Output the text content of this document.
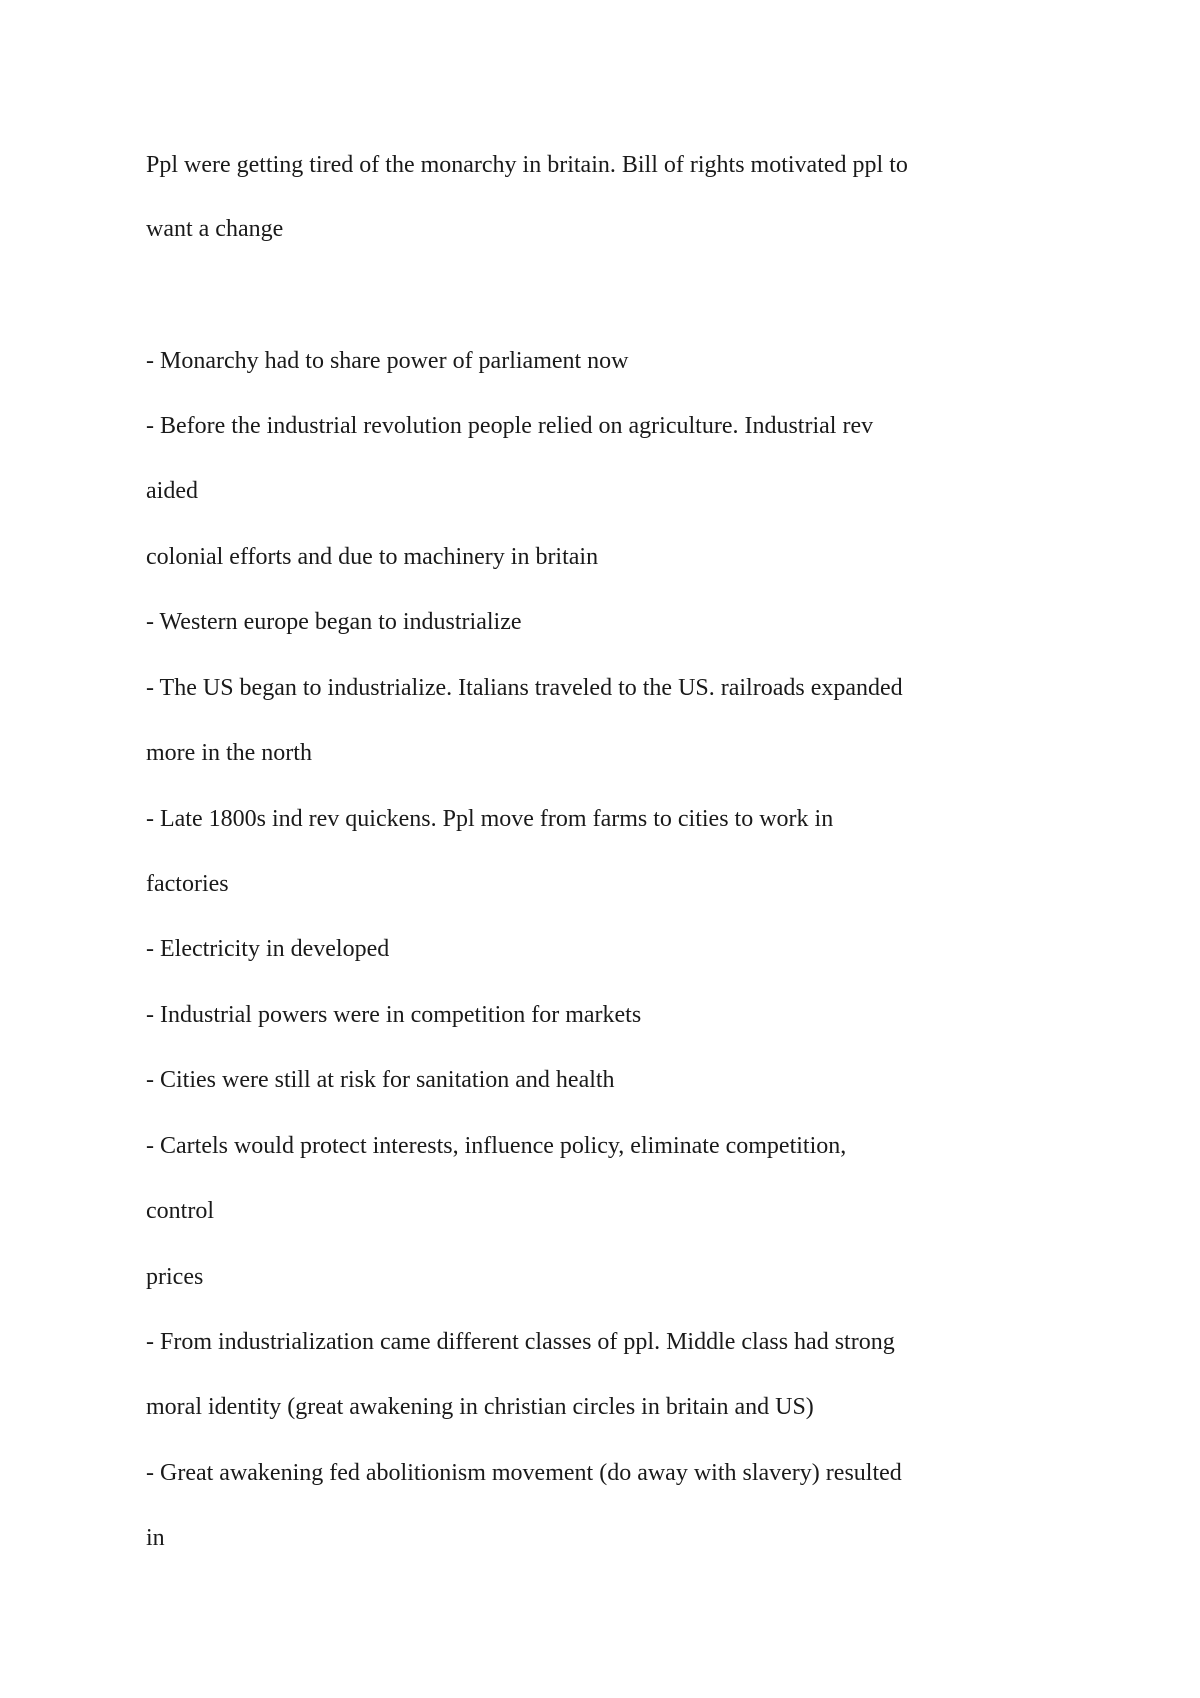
Ppl were getting tired of the monarchy in britain. Bill of rights motivated ppl to
want a change
- Monarchy had to share power of parliament now
- Before the industrial revolution people relied on agriculture. Industrial rev
aided
colonial efforts and due to machinery in britain
- Western europe began to industrialize
- The US began to industrialize. Italians traveled to the US. railroads expanded
more in the north
- Late 1800s ind rev quickens. Ppl move from farms to cities to work in
factories
- Electricity in developed
- Industrial powers were in competition for markets
- Cities were still at risk for sanitation and health
- Cartels would protect interests, influence policy, eliminate competition,
control
prices
- From industrialization came different classes of ppl. Middle class had strong
moral identity (great awakening in christian circles in britain and US)
- Great awakening fed abolitionism movement (do away with slavery) resulted
in
